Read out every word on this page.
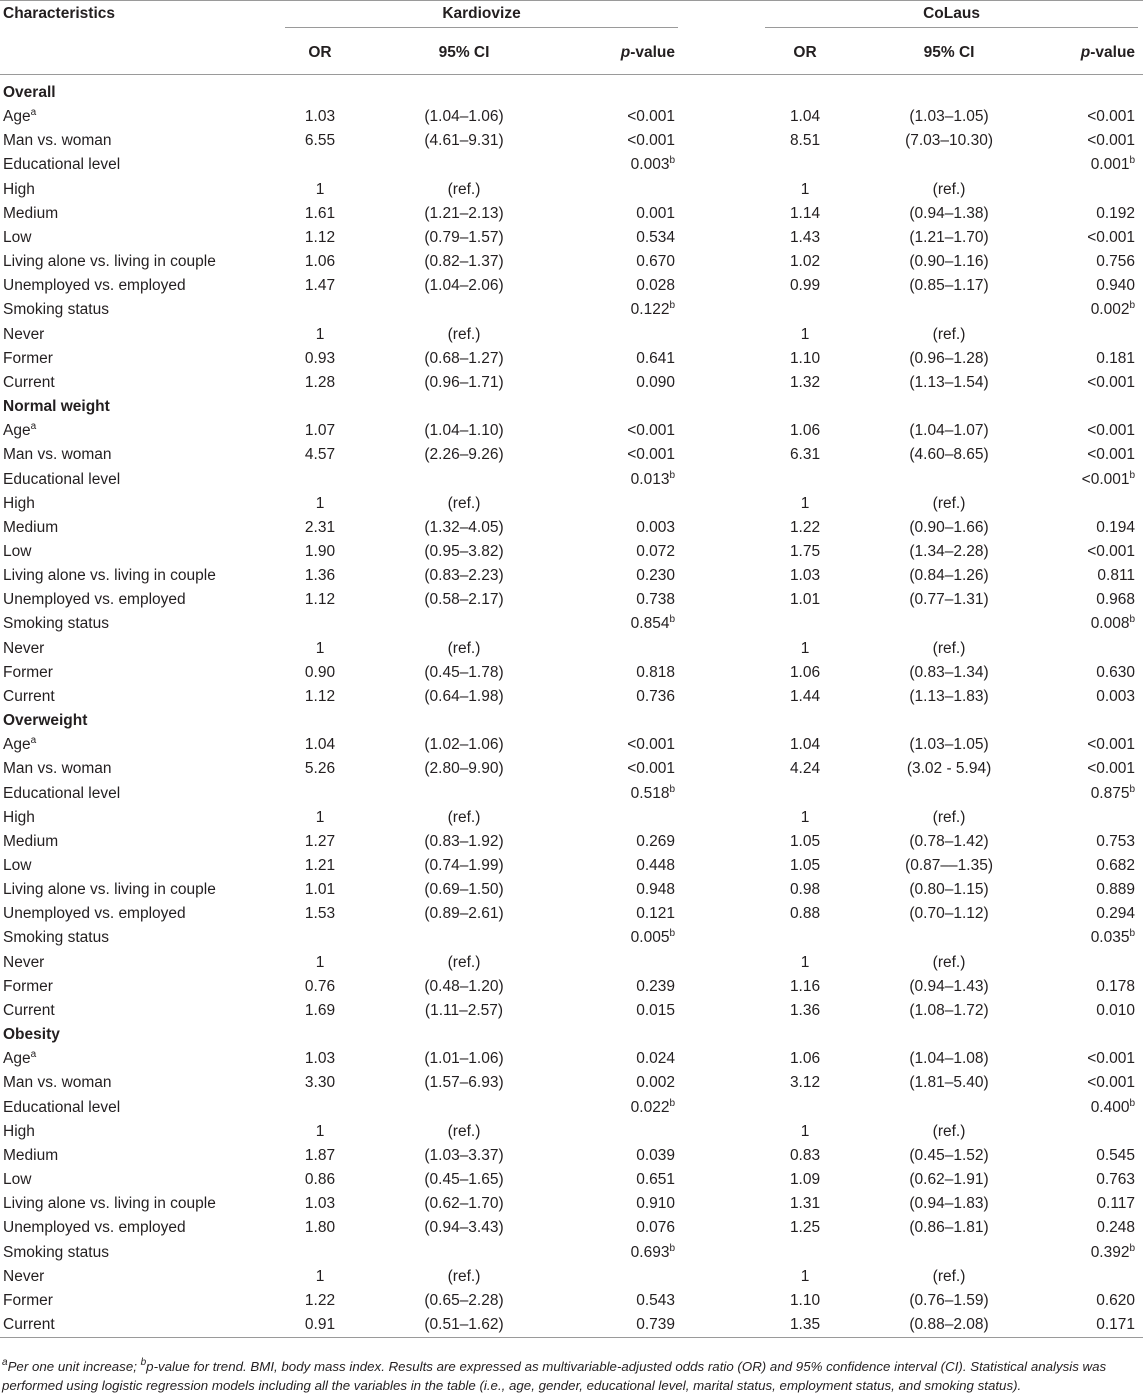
Characteristics	Kardiovize				CoLaus		

	OR	95% CI	p-value		OR	95% CI	p-value
Overall							
Age$^a$	1.03	(1.04–1.06)	<0.001		1.04	(1.03–1.05)	<0.001
Man vs. woman	6.55	(4.61–9.31)	<0.001		8.51	(7.03–10.30)	<0.001
Educational level			0.003$^b$				0.001$^b$
High	1	(ref.)			1	(ref.)	
Medium	1.61	(1.21–2.13)	0.001		1.14	(0.94–1.38)	0.192
Low	1.12	(0.79–1.57)	0.534		1.43	(1.21–1.70)	<0.001
Living alone vs. living in couple	1.06	(0.82–1.37)	0.670		1.02	(0.90–1.16)	0.756
Unemployed vs. employed	1.47	(1.04–2.06)	0.028		0.99	(0.85–1.17)	0.940
Smoking status			0.122$^b$				0.002$^b$
Never	1	(ref.)			1	(ref.)	
Former	0.93	(0.68–1.27)	0.641		1.10	(0.96–1.28)	0.181
Current	1.28	(0.96–1.71)	0.090		1.32	(1.13–1.54)	<0.001
Normal weight							
Age$^a$	1.07	(1.04–1.10)	<0.001		1.06	(1.04–1.07)	<0.001
Man vs. woman	4.57	(2.26–9.26)	<0.001		6.31	(4.60–8.65)	<0.001
Educational level			0.013$^b$				<0.001$^b$
High	1	(ref.)			1	(ref.)	
Medium	2.31	(1.32–4.05)	0.003		1.22	(0.90–1.66)	0.194
Low	1.90	(0.95–3.82)	0.072		1.75	(1.34–2.28)	<0.001
Living alone vs. living in couple	1.36	(0.83–2.23)	0.230		1.03	(0.84–1.26)	0.811
Unemployed vs. employed	1.12	(0.58–2.17)	0.738		1.01	(0.77–1.31)	0.968
Smoking status			0.854$^b$				0.008$^b$
Never	1	(ref.)			1	(ref.)	
Former	0.90	(0.45–1.78)	0.818		1.06	(0.83–1.34)	0.630
Current	1.12	(0.64–1.98)	0.736		1.44	(1.13–1.83)	0.003
Overweight							
Age$^a$	1.04	(1.02–1.06)	<0.001		1.04	(1.03–1.05)	<0.001
Man vs. woman	5.26	(2.80–9.90)	<0.001		4.24	(3.02 - 5.94)	<0.001
Educational level			0.518$^b$				0.875$^b$
High	1	(ref.)			1	(ref.)	
Medium	1.27	(0.83–1.92)	0.269		1.05	(0.78–1.42)	0.753
Low	1.21	(0.74–1.99)	0.448		1.05	(0.87––1.35)	0.682
Living alone vs. living in couple	1.01	(0.69–1.50)	0.948		0.98	(0.80–1.15)	0.889
Unemployed vs. employed	1.53	(0.89–2.61)	0.121		0.88	(0.70–1.12)	0.294
Smoking status			0.005$^b$				0.035$^b$
Never	1	(ref.)			1	(ref.)	
Former	0.76	(0.48–1.20)	0.239		1.16	(0.94–1.43)	0.178
Current	1.69	(1.11–2.57)	0.015		1.36	(1.08–1.72)	0.010
Obesity							
Age$^a$	1.03	(1.01–1.06)	0.024		1.06	(1.04–1.08)	<0.001
Man vs. woman	3.30	(1.57–6.93)	0.002		3.12	(1.81–5.40)	<0.001
Educational level			0.022$^b$				0.400$^b$
High	1	(ref.)			1	(ref.)	
Medium	1.87	(1.03–3.37)	0.039		0.83	(0.45–1.52)	0.545
Low	0.86	(0.45–1.65)	0.651		1.09	(0.62–1.91)	0.763
Living alone vs. living in couple	1.03	(0.62–1.70)	0.910		1.31	(0.94–1.83)	0.117
Unemployed vs. employed	1.80	(0.94–3.43)	0.076		1.25	(0.86–1.81)	0.248
Smoking status			0.693$^b$				0.392$^b$
Never	1	(ref.)			1	(ref.)	
Former	1.22	(0.65–2.28)	0.543		1.10	(0.76–1.59)	0.620
Current	0.91	(0.51–1.62)	0.739		1.35	(0.88–2.08)	0.171
$^a$Per one unit increase; $^b$p-value for trend. BMI, body mass index. Results are expressed as multivariable-adjusted odds ratio (OR) and 95% confidence interval (CI). Statistical analysis was performed using logistic regression models including all the variables in the table (i.e., age, gender, educational level, marital status, employment status, and smoking status).
